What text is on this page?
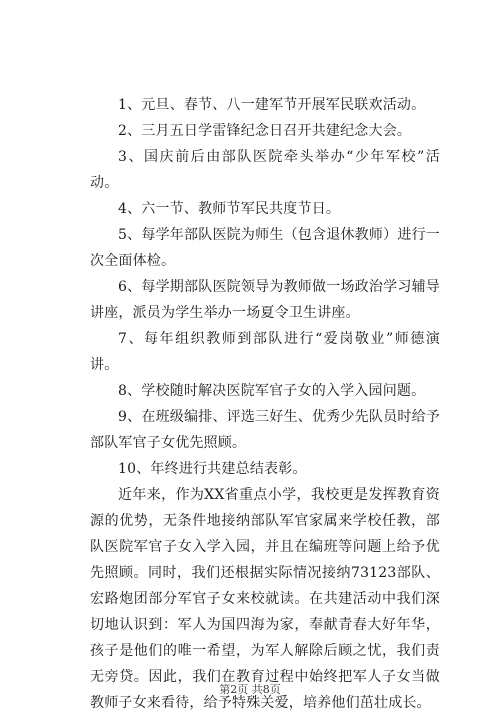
1、元旦、春节、八一建军节开展军民联欢活动。

2、三月五日学雷锋纪念日召开共建纪念大会。

3、国庆前后由部队医院牵头举办“少年军校”活动。

4、六一节、教师节军民共度节日。

5、每学年部队医院为师生（包含退休教师）进行一次全面体检。

6、每学期部队医院领导为教师做一场政治学习辅导讲座，派员为学生举办一场夏令卫生讲座。

7、每年组织教师到部队进行“爱岗敬业”师德演讲。

8、学校随时解决医院军官子女的入学入园问题。

9、在班级编排、评选三好生、优秀少先队员时给予部队军官子女优先照顾。

10、年终进行共建总结表彰。

近年来，作为XX省重点小学，我校更是发挥教育资源的优势，无条件地接纳部队军官家属来学校任教，部队医院军官子女入学入园，并且在编班等问题上给予优先照顾。同时，我们还根据实际情况接纳73123部队、宏路炮团部分军官子女来校就读。在共建活动中我们深切地认识到：军人为国四海为家，奉献青春大好年华，孩子是他们的唯一希望，为军人解除后顾之忧，我们责无旁贷。因此，我们在教育过程中始终把军人子女当做教师子女来看待，给予特殊关爱，培养他们茁壮成长。

第2页 共8页
